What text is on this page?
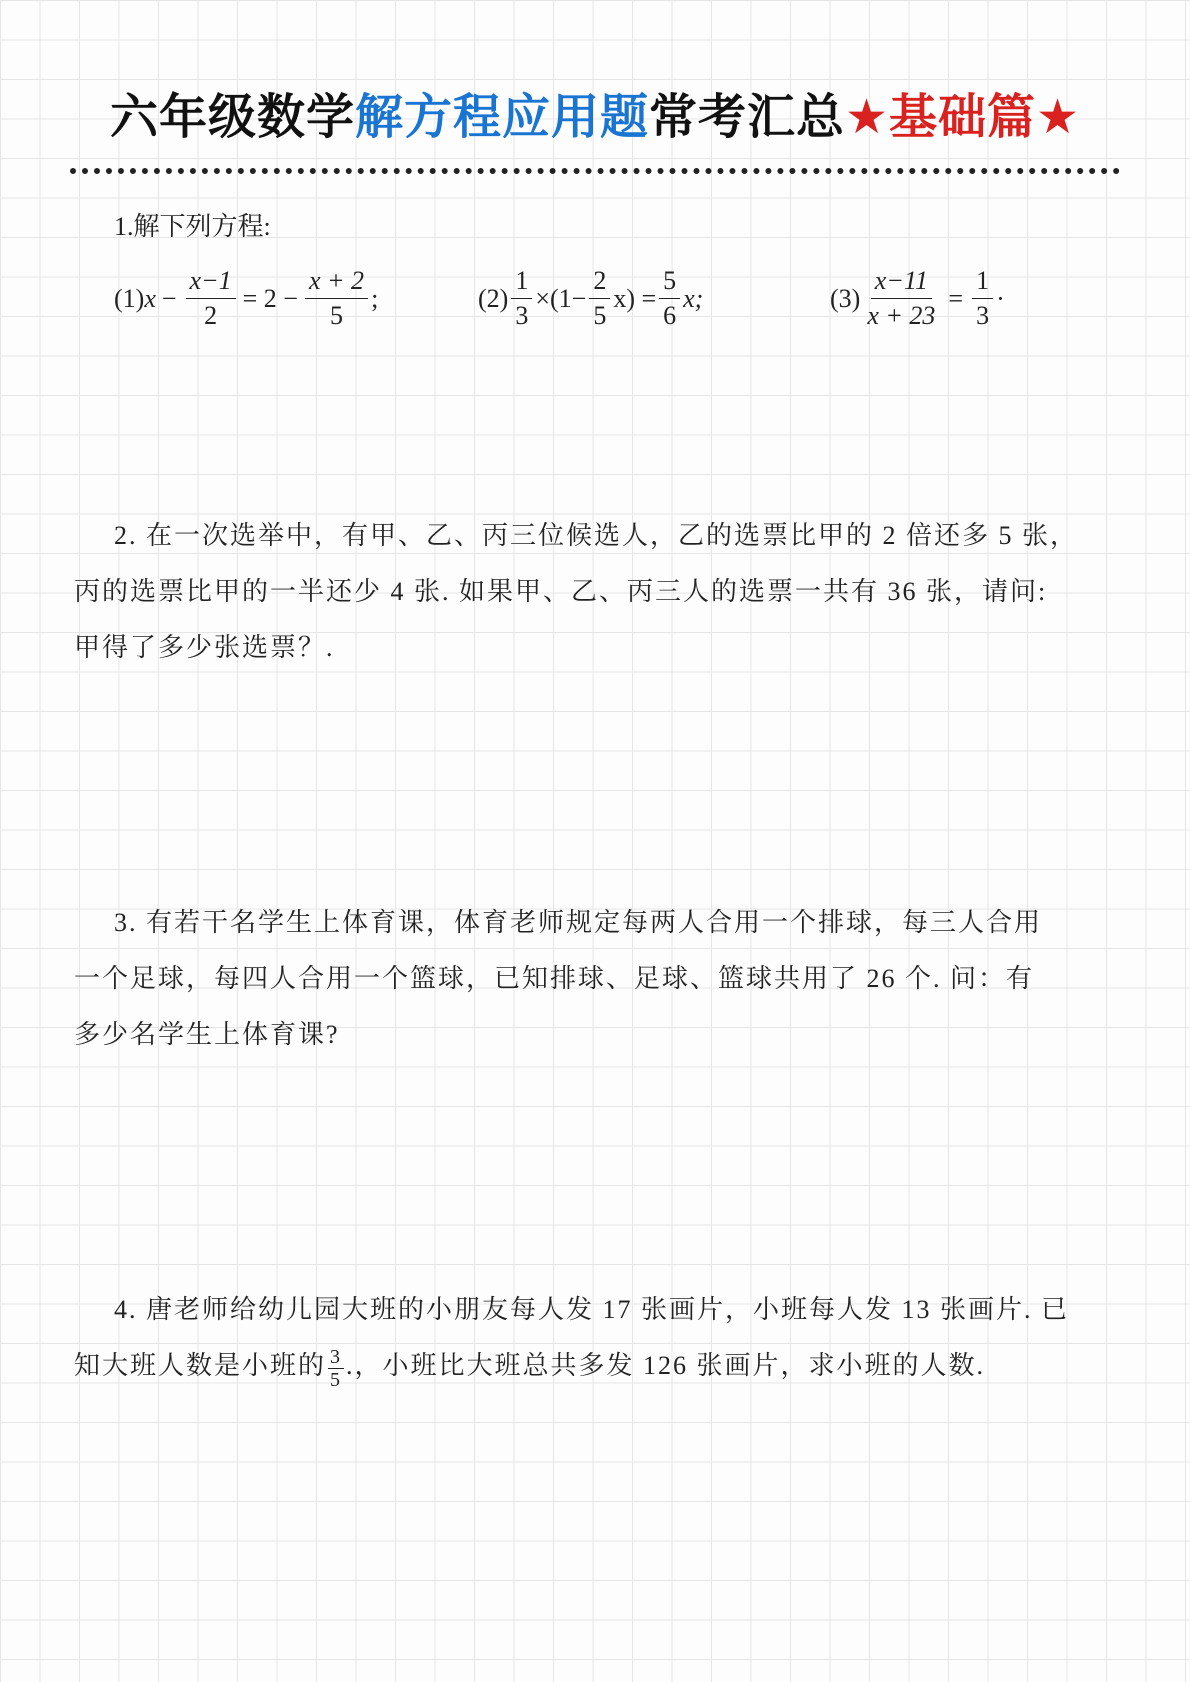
六年级数学解方程应用题常考汇总★基础篇★
1.解下列方程:
(1) $x - \frac{x-1}{2} = 2 - \frac{x + 2}{5}$ ;	$(2) \frac{1}{3} \times(1- \frac{2}{5} x) = \frac{5}{6} x$;	$(3) \frac{x-11}{x + 23} = \frac{1}{3}$ ·
2. 在一次选举中，有甲、乙、丙三位候选人，乙的选票比甲的 2 倍还多 5 张，
丙的选票比甲的一半还少 4 张. 如果甲、乙、丙三人的选票一共有 36 张，请问:
甲得了多少张选票？.
3. 有若干名学生上体育课，体育老师规定每两人合用一个排球，每三人合用
一个足球，每四人合用一个篮球，已知排球、足球、篮球共用了 26 个. 问：有
多少名学生上体育课?
4. 唐老师给幼儿园大班的小朋友每人发 17 张画片，小班每人发 13 张画片. 已
知大班人数是小班的 $\frac{3}{5}$ .，小班比大班总共多发 126 张画片，求小班的人数.
